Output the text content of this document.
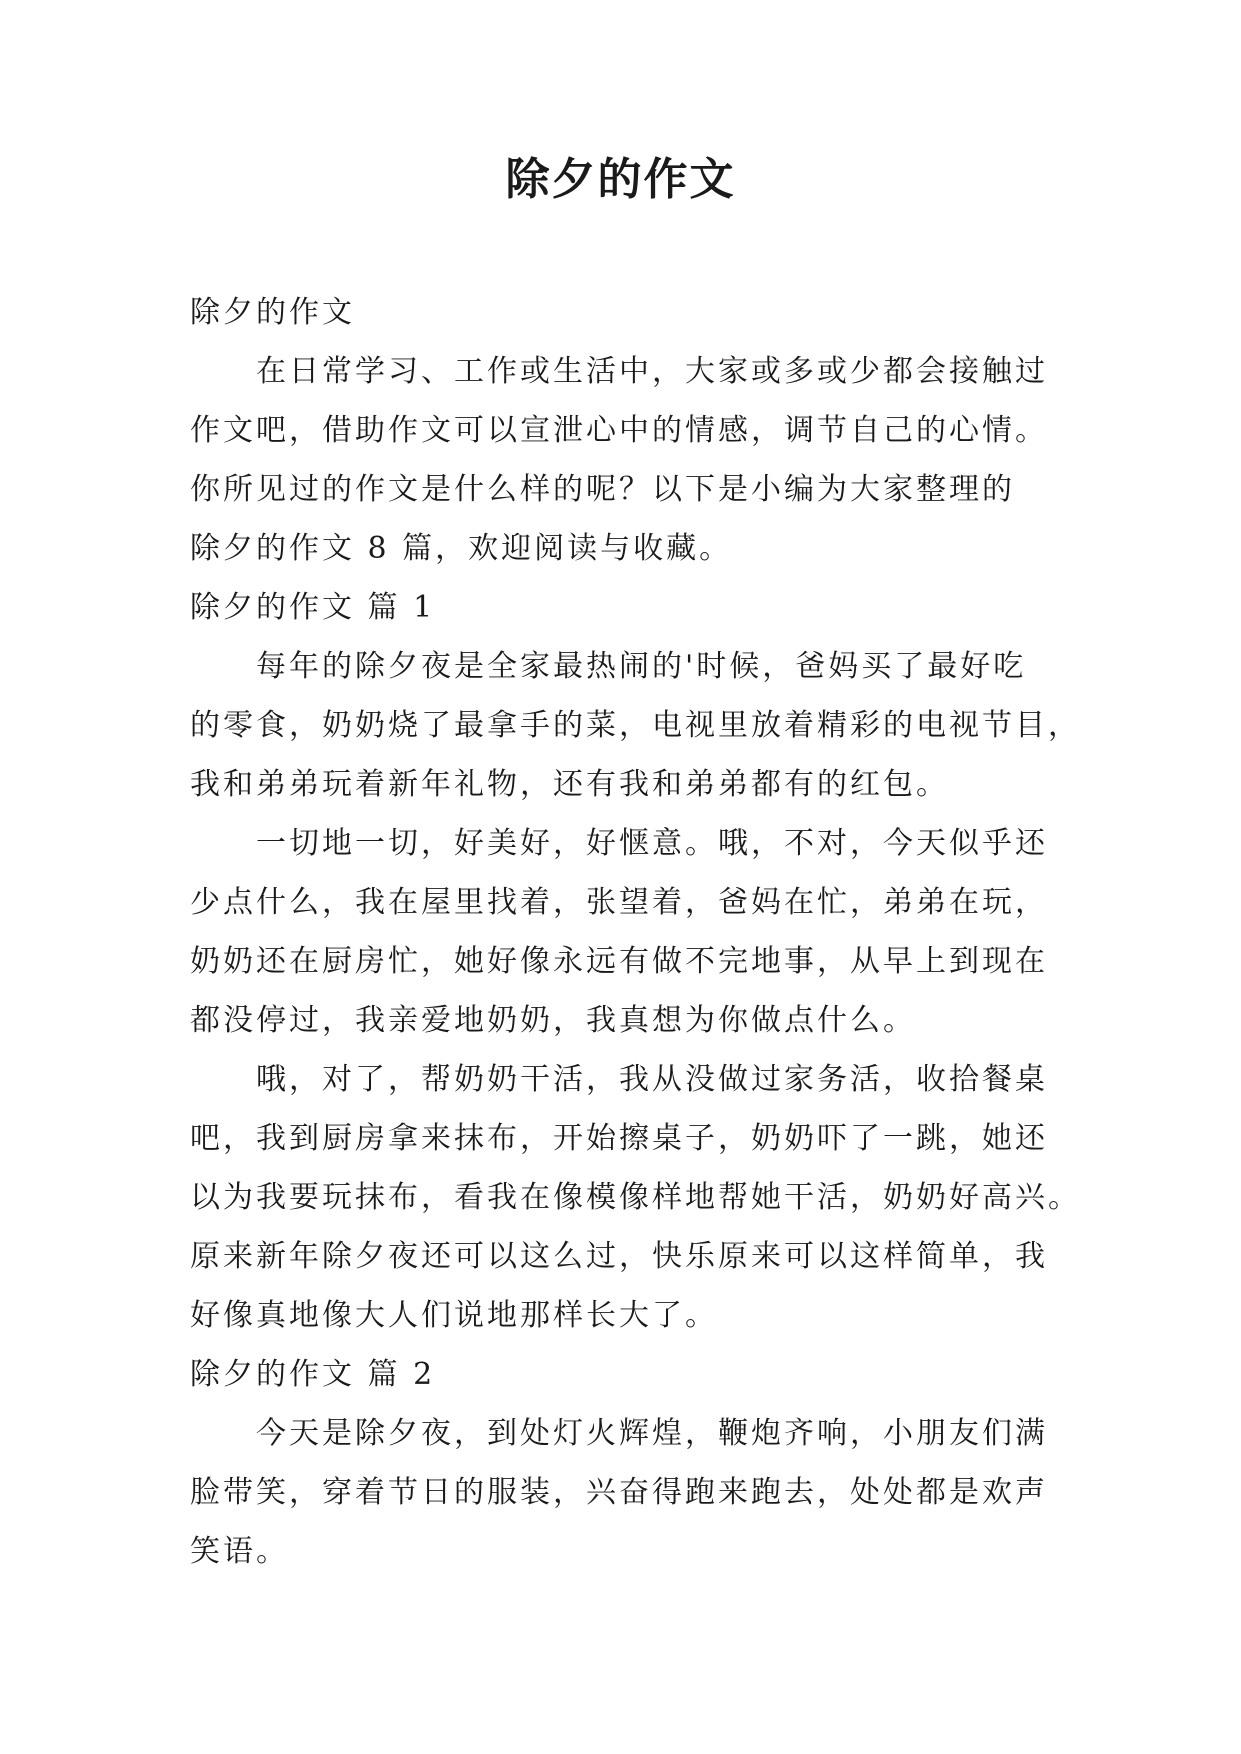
除夕的作文
除夕的作文
在日常学习、工作或生活中，大家或多或少都会接触过
作文吧，借助作文可以宣泄心中的情感，调节自己的心情。
你所见过的作文是什么样的呢？以下是小编为大家整理的
除夕的作文 8 篇，欢迎阅读与收藏。
除夕的作文 篇 1
每年的除夕夜是全家最热闹的'时候，爸妈买了最好吃
的零食，奶奶烧了最拿手的菜，电视里放着精彩的电视节目，
我和弟弟玩着新年礼物，还有我和弟弟都有的红包。
一切地一切，好美好，好惬意。哦，不对，今天似乎还
少点什么，我在屋里找着，张望着，爸妈在忙，弟弟在玩，
奶奶还在厨房忙，她好像永远有做不完地事，从早上到现在
都没停过，我亲爱地奶奶，我真想为你做点什么。
哦，对了，帮奶奶干活，我从没做过家务活，收拾餐桌
吧，我到厨房拿来抹布，开始擦桌子，奶奶吓了一跳，她还
以为我要玩抹布，看我在像模像样地帮她干活，奶奶好高兴。
原来新年除夕夜还可以这么过，快乐原来可以这样简单，我
好像真地像大人们说地那样长大了。
除夕的作文 篇 2
今天是除夕夜，到处灯火辉煌，鞭炮齐响，小朋友们满
脸带笑，穿着节日的服装，兴奋得跑来跑去，处处都是欢声
笑语。
